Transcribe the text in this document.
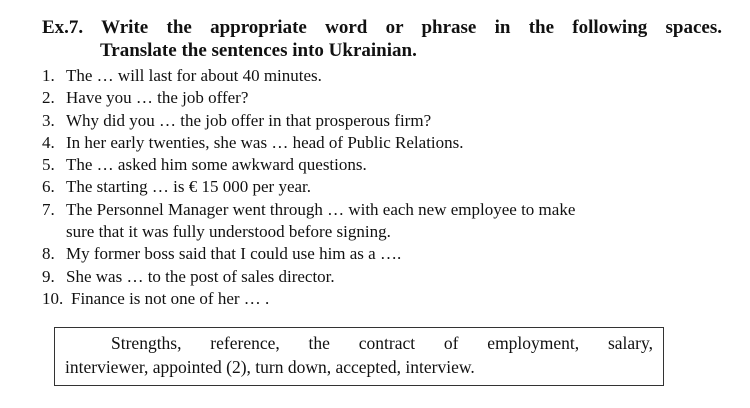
Ex.7. Write the appropriate word or phrase in the following spaces.
Translate the sentences into Ukrainian.
1. The … will last for about 40 minutes.
2. Have you … the job offer?
3. Why did you … the job offer in that prosperous firm?
4. In her early twenties, she was … head of Public Relations.
5. The … asked him some awkward questions.
6. The starting … is € 15 000 per year.
7. The Personnel Manager went through … with each new employee to make
sure that it was fully understood before signing.
8. My former boss said that I could use him as a ….
9. She was … to the post of sales director.
10. Finance is not one of her … .
Strengths, reference, the contract of employment, salary,
interviewer, appointed (2), turn down, accepted, interview.
